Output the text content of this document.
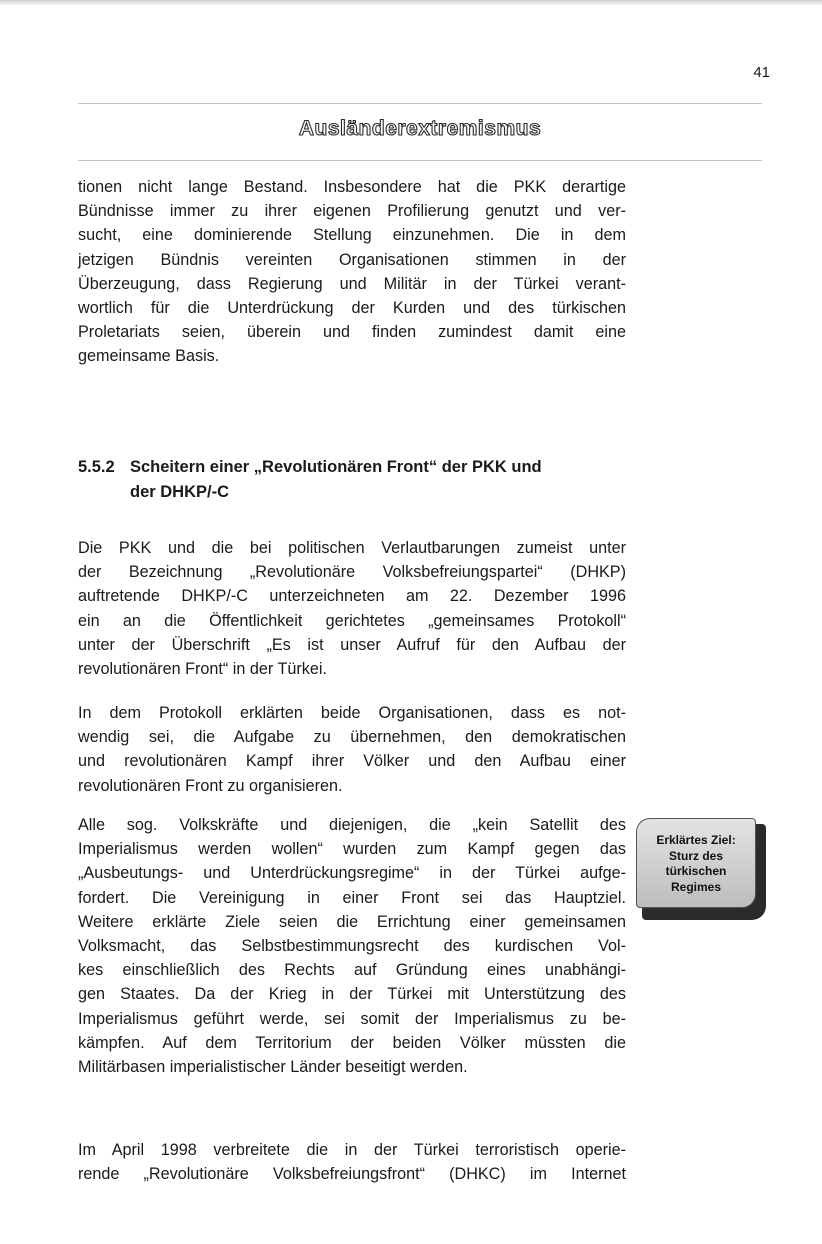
41
Ausländerextremismus
tionen nicht lange Bestand. Insbesondere hat die PKK derartige
Bündnisse immer zu ihrer eigenen Profilierung genutzt und ver-
sucht, eine dominierende Stellung einzunehmen. Die in dem
jetzigen Bündnis vereinten Organisationen stimmen in der
Überzeugung, dass Regierung und Militär in der Türkei verant-
wortlich für die Unterdrückung der Kurden und des türkischen
Proletariats seien, überein und finden zumindest damit eine
gemeinsame Basis.
5.5.2 Scheitern einer „Revolutionären Front“ der PKK und
der DHKP/-C
Die PKK und die bei politischen Verlautbarungen zumeist unter
der Bezeichnung „Revolutionäre Volksbefreiungspartei“ (DHKP)
auftretende DHKP/-C unterzeichneten am 22. Dezember 1996
ein an die Öffentlichkeit gerichtetes „gemeinsames Protokoll“
unter der Überschrift „Es ist unser Aufruf für den Aufbau der
revolutionären Front“ in der Türkei.
In dem Protokoll erklärten beide Organisationen, dass es not-
wendig sei, die Aufgabe zu übernehmen, den demokratischen
und revolutionären Kampf ihrer Völker und den Aufbau einer
revolutionären Front zu organisieren.
Alle sog. Volkskräfte und diejenigen, die „kein Satellit des
Imperialismus werden wollen“ wurden zum Kampf gegen das
„Ausbeutungs- und Unterdrückungsregime“ in der Türkei aufge-
fordert. Die Vereinigung in einer Front sei das Hauptziel.
Weitere erklärte Ziele seien die Errichtung einer gemeinsamen
Volksmacht, das Selbstbestimmungsrecht des kurdischen Vol-
kes einschließlich des Rechts auf Gründung eines unabhängi-
gen Staates. Da der Krieg in der Türkei mit Unterstützung des
Imperialismus geführt werde, sei somit der Imperialismus zu be-
kämpfen. Auf dem Territorium der beiden Völker müssten die
Militärbasen imperialistischer Länder beseitigt werden.
Im April 1998 verbreitete die in der Türkei terroristisch operie-
rende „Revolutionäre Volksbefreiungsfront“ (DHKC) im Internet
Erklärtes Ziel:
Sturz des
türkischen
Regimes
